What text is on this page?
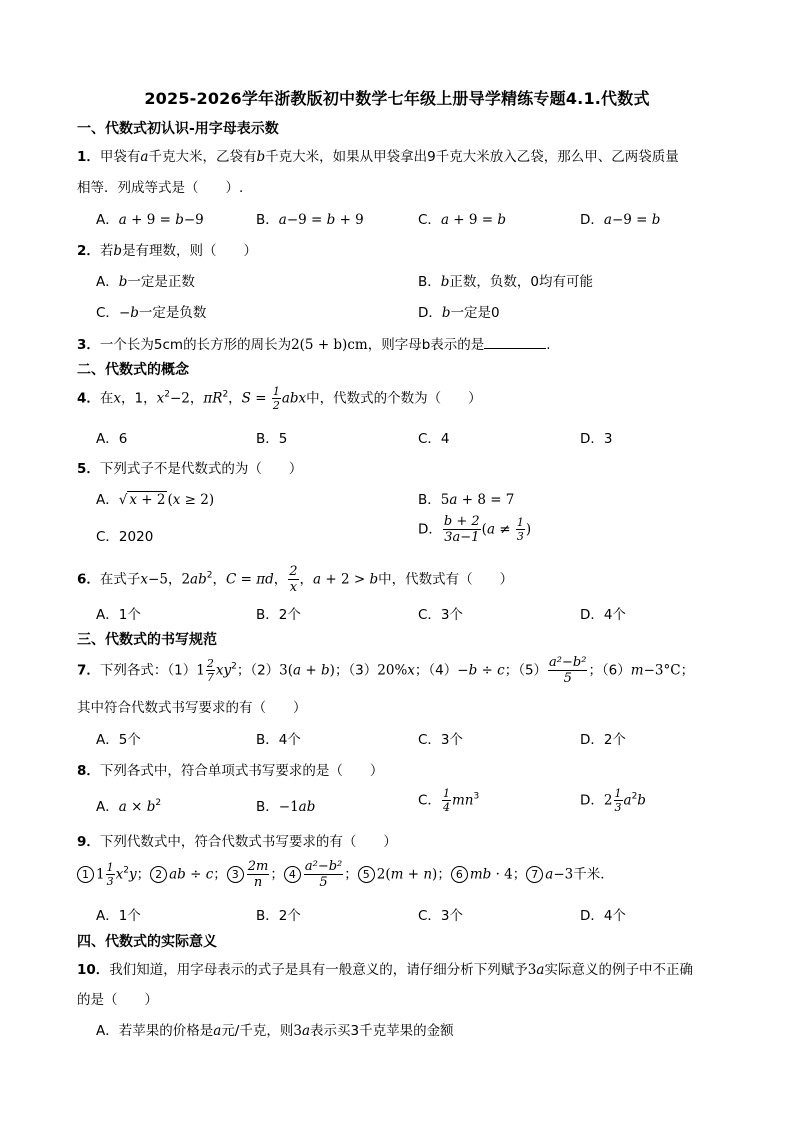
2025-2026学年浙教版初中数学七年级上册导学精练专题4.1.代数式
一、代数式初认识-用字母表示数
1．甲袋有a千克大米，乙袋有b千克大米，如果从甲袋拿出9千克大米放入乙袋，那么甲、乙两袋质量
相等．列成等式是（　　）.
A．a + 9 = b−9	B．a−9 = b + 9	C．a + 9 = b	D．a−9 = b
2．若b是有理数，则（　　）
A．b一定是正数	B．b正数，负数，0均有可能
C．−b一定是负数	D．b一定是0
3．一个长为5cm的长方形的周长为2(5 + b)cm，则字母b表示的是	.
二、代数式的概念
4．在x，1，$x^2-2$，$\pi R^2$，$S = \frac{1}{2}$ abx中，代数式的个数为（　　）
A．6	B．5	C．4	D．3
5．下列式子不是代数式的为（　　）
A．√ x + 2 (x ≥ 2)	B．5a + 8 = 7
C．2020	D． $\frac{b + 2}{3a-1} (a \ne \frac{1}{3}$ )
6．在式子x−5，$2ab^2$，C = πd， $\frac{2}{x}$ ，a + 2 > b中，代数式有（　　）
A．1个	B．2个	C．3个	D．4个
三、代数式的书写规范
7．下列各式：$(1)1 \frac{2}{7} xy^2$；（2）3(a + b)；（3）20%x；（4）−b ÷ c；$(5) \frac{\text{a²−b²}}{5}$ ；（6）m−3°C；
其中符合代数式书写要求的有（　　）
A．5个	B．4个	C．3个	D．2个
8．下列各式中，符合单项式书写要求的是（　　）
A．$a \times b^2$	B．−1ab	C． $\frac{1}{4} mn^3$	D．$2 \frac{1}{3} a^2b$
9．下列代数式中，符合代数式书写要求的有（　　）
1 $1 \frac{1}{3} x^2y$； 2 ab ÷ c； $3 \frac{2m}{n}$ ； $4 \frac{\text{a²−b²}}{5}$ ； 5 2(m + n)； 6 mb · 4； 7 a−3千米．
A．1个	B．2个	C．3个	D．4个
四、代数式的实际意义
10．我们知道，用字母表示的式子是具有一般意义的，请仔细分析下列赋予3a实际意义的例子中不正确
的是（　　）
A．若苹果的价格是a元/千克，则3a表示买3千克苹果的金额
